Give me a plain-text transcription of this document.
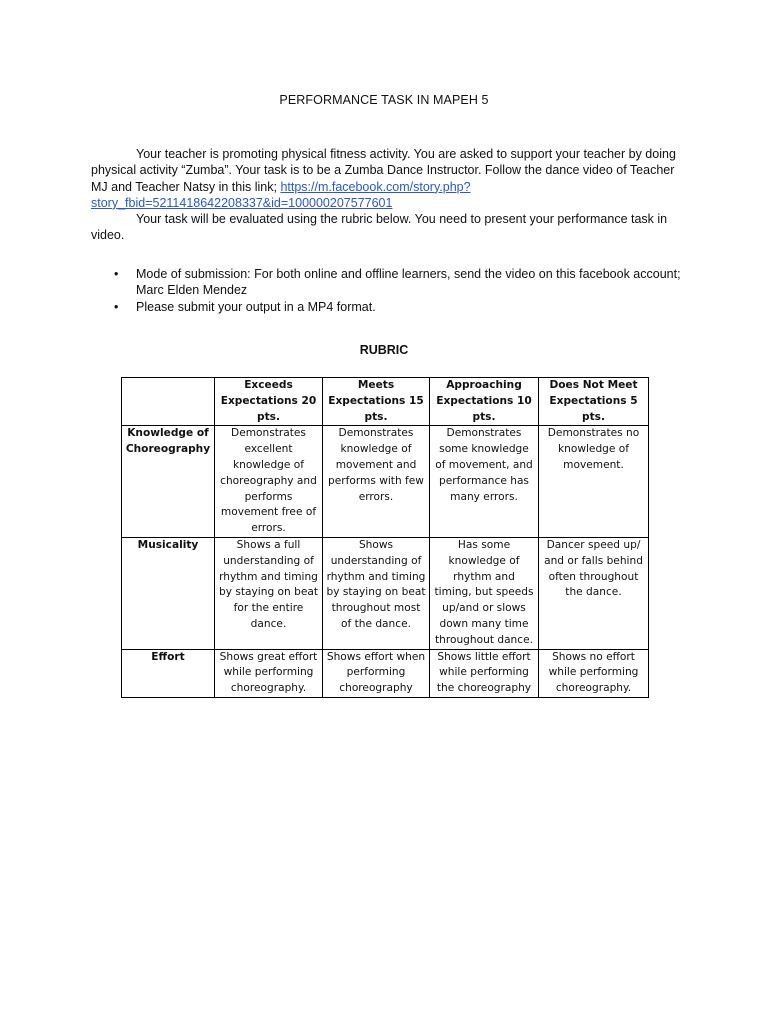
PERFORMANCE TASK IN MAPEH 5

Your teacher is promoting physical fitness activity. You are asked to support your teacher by doing physical activity “Zumba”. Your task is to be a Zumba Dance Instructor. Follow the dance video of Teacher MJ and Teacher Natsy in this link; https://m.facebook.com/story.php?story_fbid=5211418642208337&id=100000207577601

Your task will be evaluated using the rubric below. You need to present your performance task in video.

• Mode of submission: For both online and offline learners, send the video on this facebook account; Marc Elden Mendez
• Please submit your output in a MP4 format.
RUBRIC
	Exceeds Expectations 20 pts.	Meets Expectations 15 pts.	Approaching Expectations 10 pts.	Does Not Meet Expectations 5 pts.
Knowledge of Choreography	Demonstrates excellent knowledge of choreography and performs movement free of errors.	Demonstrates knowledge of movement and performs with few errors.	Demonstrates some knowledge of movement, and performance has many errors.	Demonstrates no knowledge of movement.
Musicality	Shows a full understanding of rhythm and timing by staying on beat for the entire dance.	Shows understanding of rhythm and timing by staying on beat throughout most of the dance.	Has some knowledge of rhythm and timing, but speeds up/and or slows down many time throughout dance.	Dancer speed up/ and or falls behind often throughout the dance.
Effort	Shows great effort while performing choreography.	Shows effort when performing choreography	Shows little effort while performing the choreography	Shows no effort while performing choreography.
